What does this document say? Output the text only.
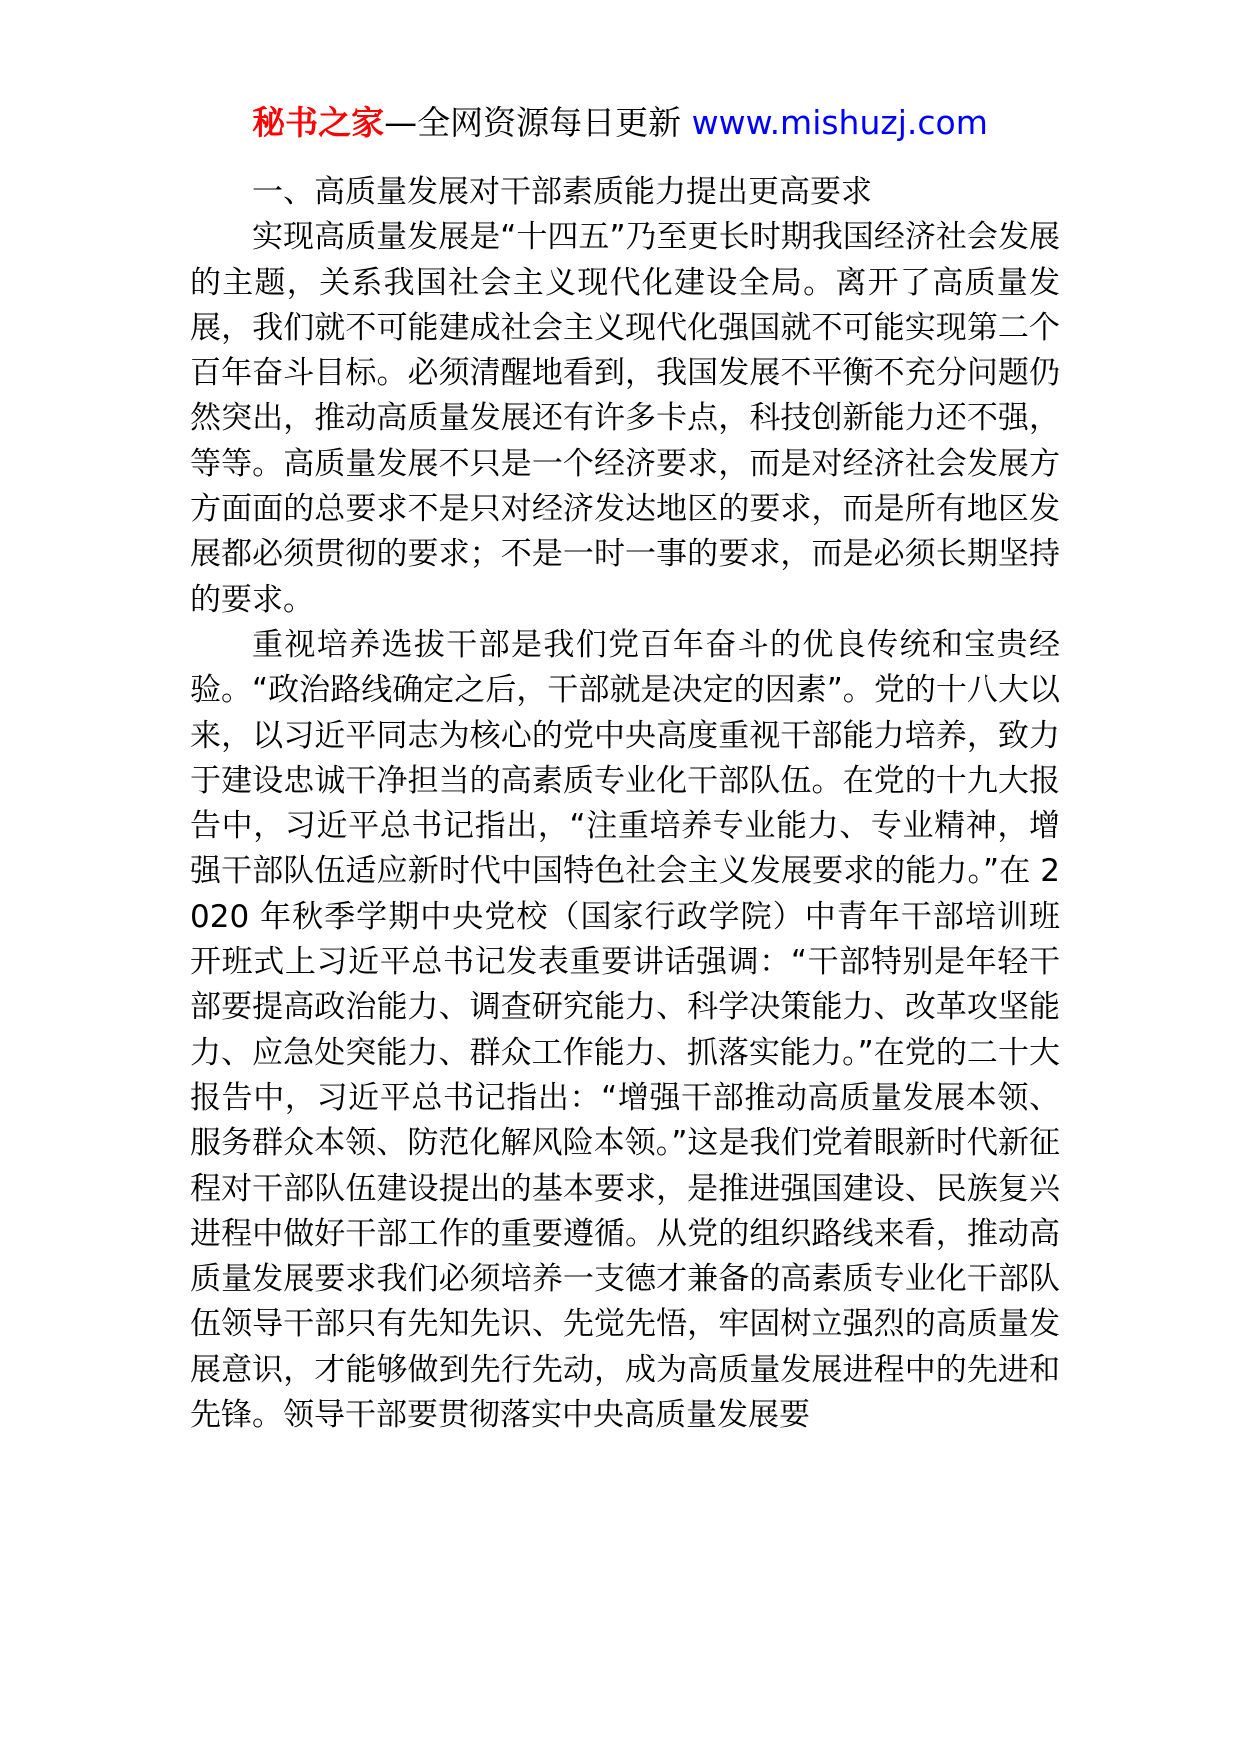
秘书之家—全网资源每日更新 www.mishuzj.com

一、高质量发展对干部素质能力提出更高要求

实现高质量发展是“十四五”乃至更长时期我国经济社会发展的主题，关系我国社会主义现代化建设全局。离开了高质量发展，我们就不可能建成社会主义现代化强国就不可能实现第二个百年奋斗目标。必须清醒地看到，我国发展不平衡不充分问题仍然突出，推动高质量发展还有许多卡点，科技创新能力还不强，等等。高质量发展不只是一个经济要求，而是对经济社会发展方方面面的总要求不是只对经济发达地区的要求，而是所有地区发展都必须贯彻的要求；不是一时一事的要求，而是必须长期坚持的要求。

重视培养选拔干部是我们党百年奋斗的优良传统和宝贵经验。“政治路线确定之后，干部就是决定的因素”。党的十八大以来，以习近平同志为核心的党中央高度重视干部能力培养，致力于建设忠诚干净担当的高素质专业化干部队伍。在党的十九大报告中，习近平总书记指出，“注重培养专业能力、专业精神，增强干部队伍适应新时代中国特色社会主义发展要求的能力。”在 2020 年秋季学期中央党校（国家行政学院）中青年干部培训班开班式上习近平总书记发表重要讲话强调：“干部特别是年轻干部要提高政治能力、调查研究能力、科学决策能力、改革攻坚能力、应急处突能力、群众工作能力、抓落实能力。”在党的二十大报告中，习近平总书记指出：“增强干部推动高质量发展本领、服务群众本领、防范化解风险本领。”这是我们党着眼新时代新征程对干部队伍建设提出的基本要求，是推进强国建设、民族复兴进程中做好干部工作的重要遵循。从党的组织路线来看，推动高质量发展要求我们必须培养一支德才兼备的高素质专业化干部队伍领导干部只有先知先识、先觉先悟，牢固树立强烈的高质量发展意识，才能够做到先行先动，成为高质量发展进程中的先进和先锋。领导干部要贯彻落实中央高质量发展要
